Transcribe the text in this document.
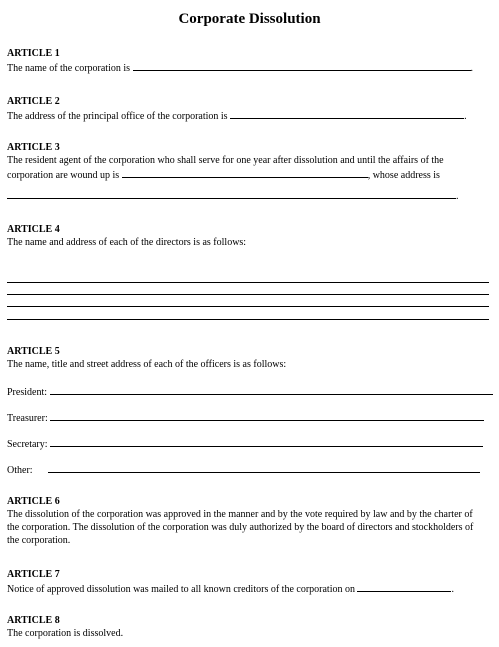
Corporate Dissolution
ARTICLE 1
The name of the corporation is	.
ARTICLE 2
The address of the principal office of the corporation is	.
ARTICLE 3
The resident agent of the corporation who shall serve for one year after dissolution and until the affairs of the
corporation are wound up is	, whose address is
.
ARTICLE 4
The name and address of each of the directors is as follows:
ARTICLE 5
The name, title and street address of each of the officers is as follows:
President:
Treasurer:
Secretary:
Other:
ARTICLE 6
The dissolution of the corporation was approved in the manner and by the vote required by law and by the charter of
the corporation. The dissolution of the corporation was duly authorized by the board of directors and stockholders of
the corporation.
ARTICLE 7
Notice of approved dissolution was mailed to all known creditors of the corporation on	.
ARTICLE 8
The corporation is dissolved.
